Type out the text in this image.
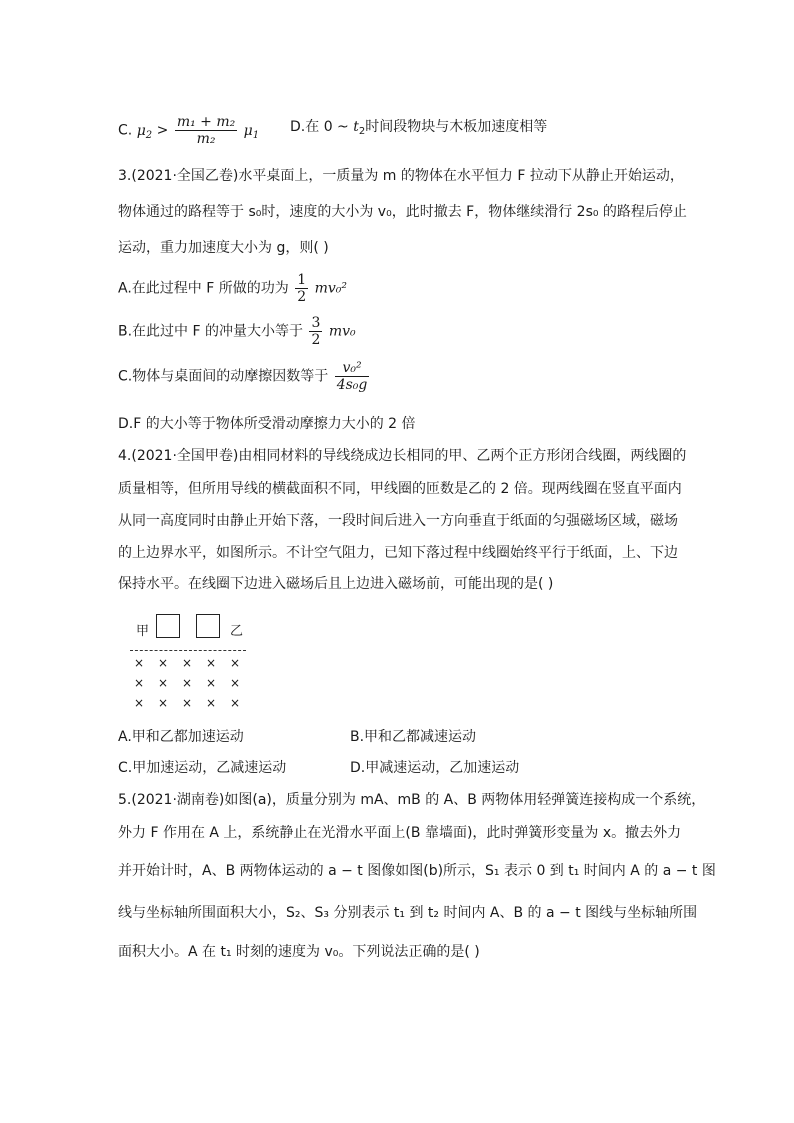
C. $\mu_2 > \frac{\text{m₁ + m₂}}{\text{m₂}} \mu_1$ D.在 0 ~ $t_2$时间段物块与木板加速度相等
3.(2021·全国乙卷)水平桌面上，一质量为 m 的物体在水平恒力 F 拉动下从静止开始运动，
物体通过的路程等于 s₀时，速度的大小为 v₀，此时撤去 F，物体继续滑行 2s₀ 的路程后停止
运动，重力加速度大小为 g，则( )
A.在此过程中 F 所做的功为 $\frac{1}{2} mv_0^2$
B.在此过中 F 的冲量大小等于 $\frac{3}{2} mv_0$
C.物体与桌面间的动摩擦因数等于 $\frac{\text{v₀²}}{\text{4s₀g}}$
D.F 的大小等于物体所受滑动摩擦力大小的 2 倍
4.(2021·全国甲卷)由相同材料的导线绕成边长相同的甲、乙两个正方形闭合线圈，两线圈的
质量相等，但所用导线的横截面积不同，甲线圈的匝数是乙的 2 倍。现两线圈在竖直平面内
从同一高度同时由静止开始下落，一段时间后进入一方向垂直于纸面的匀强磁场区域，磁场
的上边界水平，如图所示。不计空气阻力，已知下落过程中线圈始终平行于纸面，上、下边
保持水平。在线圈下边进入磁场后且上边进入磁场前，可能出现的是( )
甲	乙
× × × × ×
× × × × ×
× × × × ×
A.甲和乙都加速运动	B.甲和乙都减速运动
C.甲加速运动，乙减速运动	D.甲减速运动，乙加速运动
5.(2021·湖南卷)如图(a)，质量分别为 mA、mB 的 A、B 两物体用轻弹簧连接构成一个系统，
外力 F 作用在 A 上，系统静止在光滑水平面上(B 靠墙面)，此时弹簧形变量为 x。撤去外力
并开始计时，A、B 两物体运动的 a − t 图像如图(b)所示，S₁ 表示 0 到 t₁ 时间内 A 的 a − t 图
线与坐标轴所围面积大小，S₂、S₃ 分别表示 t₁ 到 t₂ 时间内 A、B 的 a − t 图线与坐标轴所围
面积大小。A 在 t₁ 时刻的速度为 v₀。下列说法正确的是( )
